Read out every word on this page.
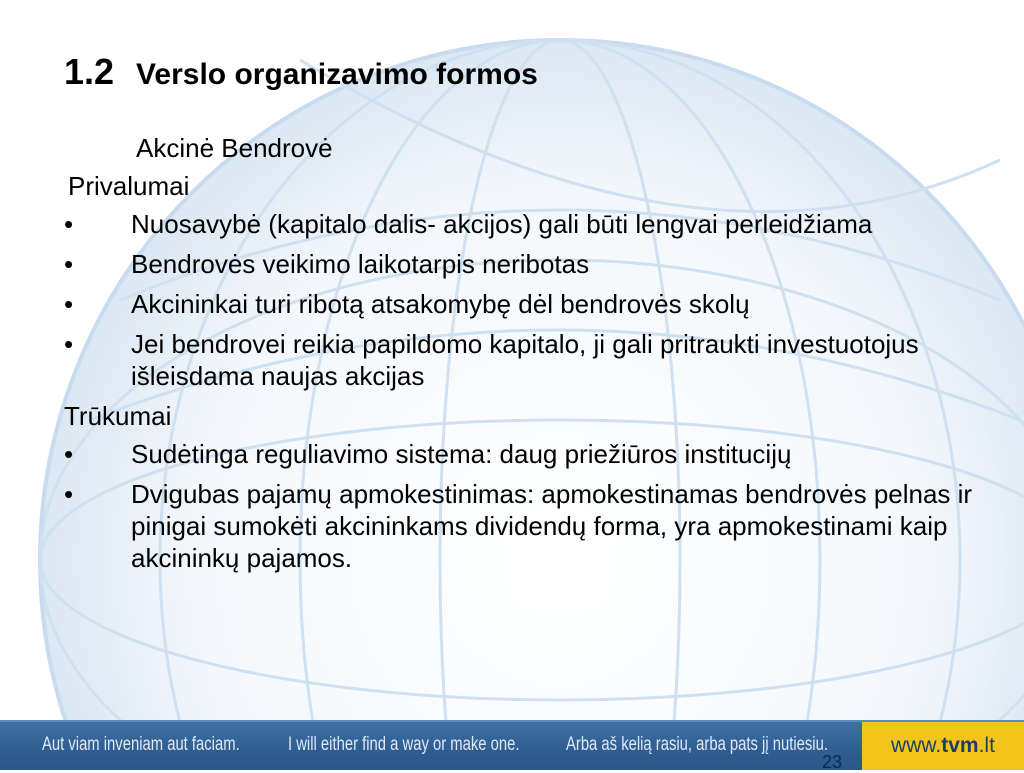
1.2 Verslo organizavimo formos
Akcinė Bendrovė
Privalumai
• Nuosavybė (kapitalo dalis- akcijos) gali būti lengvai perleidžiama
• Bendrovės veikimo laikotarpis neribotas
• Akcininkai turi ribotą atsakomybę dėl bendrovės skolų
• Jei bendrovei reikia papildomo kapitalo, ji gali pritraukti investuotojus išleisdama naujas akcijas
Trūkumai
• Sudėtinga reguliavimo sistema: daug priežiūros institucijų
• Dvigubas pajamų apmokestinimas: apmokestinamas bendrovės pelnas ir pinigai sumokėti akcininkams dividendų forma, yra apmokestinami kaip akcininkų pajamos.
Aut viam inveniam aut faciam.	I will either find a way or make one. Arba aš kelią rasiu, arba pats jį nutiesiu.	www. tvm .lt
23
